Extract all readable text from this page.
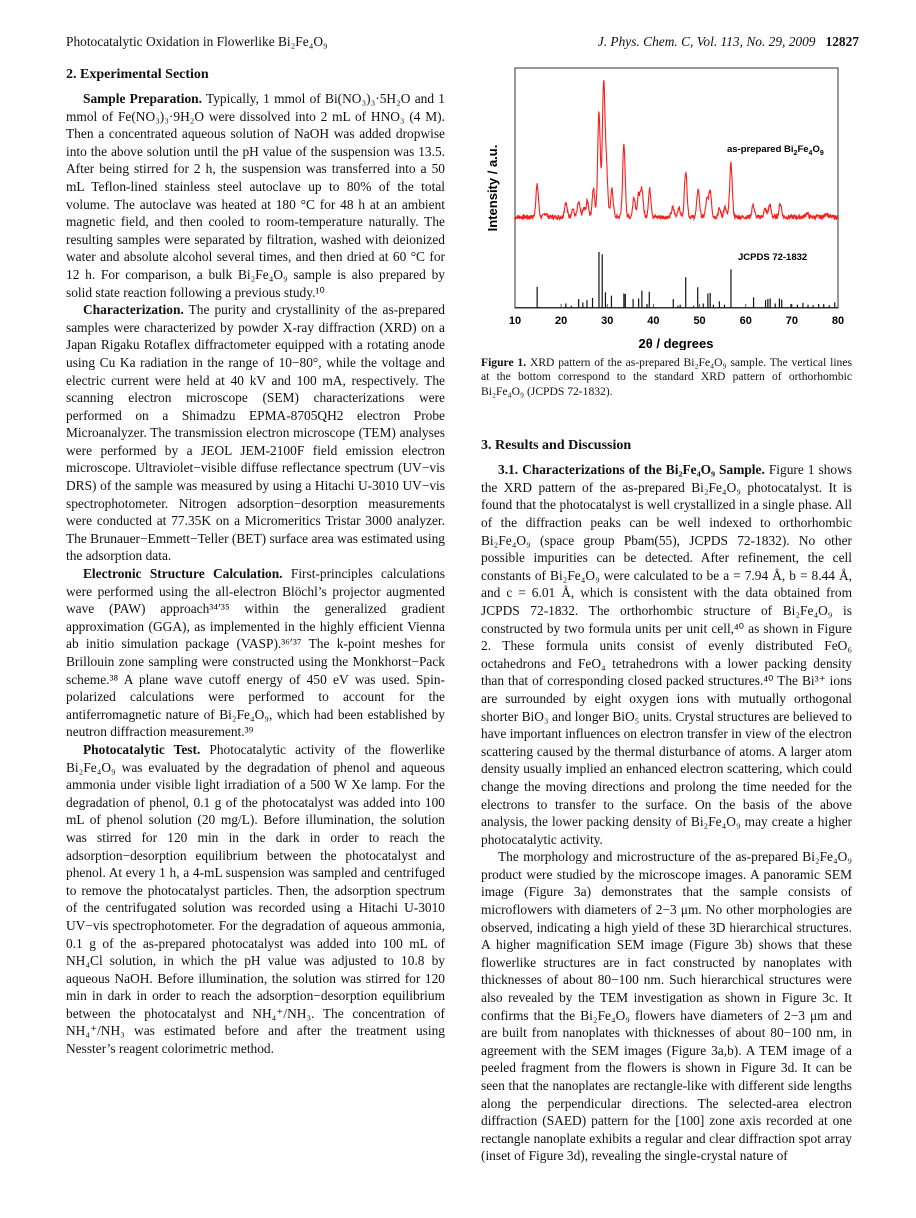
Photocatalytic Oxidation in Flowerlike Bi₂Fe₄O₉	J. Phys. Chem. C, Vol. 113, No. 29, 2009 12827
2. Experimental Section

Sample Preparation. Typically, 1 mmol of Bi(NO₃)₃·5H₂O and 1 mmol of Fe(NO₃)₃·9H₂O were dissolved into 2 mL of HNO₃ (4 M). Then a concentrated aqueous solution of NaOH was added dropwise into the above solution until the pH value of the suspension was 13.5. After being stirred for 2 h, the suspension was transferred into a 50 mL Teflon-lined stainless steel autoclave up to 80% of the total volume. The autoclave was heated at 180 °C for 48 h at an ambient magnetic field, and then cooled to room-temperature naturally. The resulting samples were separated by filtration, washed with deionized water and absolute alcohol several times, and then dried at 60 °C for 12 h. For comparison, a bulk Bi₂Fe₄O₉ sample is also prepared by solid state reaction following a previous study.¹⁰

Characterization. The purity and crystallinity of the as-prepared samples were characterized by powder X-ray diffraction (XRD) on a Japan Rigaku Rotaflex diffractometer equipped with a rotating anode using Cu Ka radiation in the range of 10−80°, while the voltage and electric current were held at 40 kV and 100 mA, respectively. The scanning electron microscope (SEM) characterizations were performed on a Shimadzu EPMA-8705QH2 electron Probe Microanalyzer. The transmission electron microscope (TEM) analyses were performed by a JEOL JEM-2100F field emission electron microscope. Ultraviolet−visible diffuse reflectance spectrum (UV−vis DRS) of the sample was measured by using a Hitachi U-3010 UV−vis spectrophotometer. Nitrogen adsorption−desorption measurements were conducted at 77.35K on a Micromeritics Tristar 3000 analyzer. The Brunauer−Emmett−Teller (BET) surface area was estimated using the adsorption data.

Electronic Structure Calculation. First-principles calculations were performed using the all-electron Blöchl’s projector augmented wave (PAW) approach³⁴ʹ³⁵ within the generalized gradient approximation (GGA), as implemented in the highly efficient Vienna ab initio simulation package (VASP).³⁶ʹ³⁷ The k-point meshes for Brillouin zone sampling were constructed using the Monkhorst−Pack scheme.³⁸ A plane wave cutoff energy of 450 eV was used. Spin-polarized calculations were performed to account for the antiferromagnetic nature of Bi₂Fe₄O₉, which had been established by neutron diffraction measurement.³⁹

Photocatalytic Test. Photocatalytic activity of the flowerlike Bi₂Fe₄O₉ was evaluated by the degradation of phenol and aqueous ammonia under visible light irradiation of a 500 W Xe lamp. For the degradation of phenol, 0.1 g of the photocatalyst was added into 100 mL of phenol solution (20 mg/L). Before illumination, the solution was stirred for 120 min in the dark in order to reach the adsorption−desorption equilibrium between the photocatalyst and phenol. At every 1 h, a 4-mL suspension was sampled and centrifuged to remove the photocatalyst particles. Then, the adsorption spectrum of the centrifugated solution was recorded using a Hitachi U-3010 UV−vis spectrophotometer. For the degradation of aqueous ammonia, 0.1 g of the as-prepared photocatalyst was added into 100 mL of NH₄Cl solution, in which the pH value was adjusted to 10.8 by aqueous NaOH. Before illumination, the solution was stirred for 120 min in dark in order to reach the adsorption−desorption equilibrium between the photocatalyst and NH₄⁺/NH₃. The concentration of NH₄⁺/NH₃ was estimated before and after the treatment using Nesster’s reagent colorimetric method.

10	20	30	40	50	60	70	80
Intensity / a.u.
2θ / degrees
as-prepared $Bi_2Fe_4O_9$
JCPDS 72-1832
Figure 1. XRD pattern of the as-prepared Bi₂Fe₄O₉ sample. The vertical lines at the bottom correspond to the standard XRD pattern of orthorhombic Bi₂Fe₄O₉ (JCPDS 72-1832).
3. Results and Discussion

3.1. Characterizations of the Bi₂Fe₄O₉ Sample. Figure 1 shows the XRD pattern of the as-prepared Bi₂Fe₄O₉ photocatalyst. It is found that the photocatalyst is well crystallized in a single phase. All of the diffraction peaks can be well indexed to orthorhombic Bi₂Fe₄O₉ (space group Pbam(55), JCPDS 72-1832). No other possible impurities can be detected. After refinement, the cell constants of Bi₂Fe₄O₉ were calculated to be a = 7.94 Å, b = 8.44 Å, and c = 6.01 Å, which is consistent with the data obtained from JCPDS 72-1832. The orthorhombic structure of Bi₂Fe₄O₉ is constructed by two formula units per unit cell,⁴⁰ as shown in Figure 2. These formula units consist of evenly distributed FeO₆ octahedrons and FeO₄ tetrahedrons with a lower packing density than that of corresponding closed packed structures.⁴⁰ The Bi³⁺ ions are surrounded by eight oxygen ions with mutually orthogonal shorter BiO₃ and longer BiO₅ units. Crystal structures are believed to have important influences on electron transfer in view of the electron scattering caused by the thermal disturbance of atoms. A larger atom density usually implied an enhanced electron scattering, which could change the moving directions and prolong the time needed for the electrons to transfer to the surface. On the basis of the above analysis, the lower packing density of Bi₂Fe₄O₉ may create a higher photocatalytic activity.

The morphology and microstructure of the as-prepared Bi₂Fe₄O₉ product were studied by the microscope images. A panoramic SEM image (Figure 3a) demonstrates that the sample consists of microflowers with diameters of 2−3 μm. No other morphologies are observed, indicating a high yield of these 3D hierarchical structures. A higher magnification SEM image (Figure 3b) shows that these flowerlike structures are in fact constructed by nanoplates with thicknesses of about 80−100 nm. Such hierarchical structures were also revealed by the TEM investigation as shown in Figure 3c. It confirms that the Bi₂Fe₄O₉ flowers have diameters of 2−3 μm and are built from nanoplates with thicknesses of about 80−100 nm, in agreement with the SEM images (Figure 3a,b). A TEM image of a peeled fragment from the flowers is shown in Figure 3d. It can be seen that the nanoplates are rectangle-like with different side lengths along the perpendicular directions. The selected-area electron diffraction (SAED) pattern for the [100] zone axis recorded at one rectangle nanoplate exhibits a regular and clear diffraction spot array (inset of Figure 3d), revealing the single-crystal nature of
